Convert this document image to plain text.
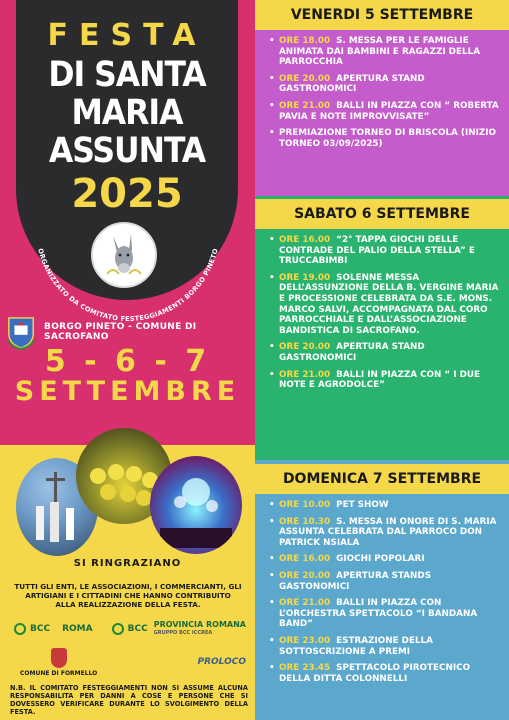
FESTA
DI SANTA
MARIA
ASSUNTA
2025
ORGANIZZATO DA COMITATO FESTEGGIAMENTI BORGO PINETO
BORGO PINETO - COMUNE DI SACROFANO
5 - 6 - 7
SETTEMBRE
SI RINGRAZIANO
TUTTI GLI ENTI, LE ASSOCIAZIONI, I COMMERCIANTI, GLI ARTIGIANI E I CITTADINI CHE HANNO CONTRIBUITO ALLA REALIZZAZIONE DELLA FESTA.
BCC ROMA	BCC PROVINCIA ROMANA
GRUPPO BCC ICCREA
COMUNE DI FORMELLO
PROLOCO
N.B. IL COMITATO FESTEGGIAMENTI NON SI ASSUME ALCUNA RESPONSABILITA PER DANNI A COSE E PERSONE CHE SI DOVESSERO VERIFICARE DURANTE LO SVOLGIMENTO DELLA FESTA.
VENERDI 5 SETTEMBRE
• ORE 18.00 S. MESSA PER LE FAMIGLIE ANIMATA DAI BAMBINI E RAGAZZI DELLA PARROCCHIA
• ORE 20.00 APERTURA STAND GASTRONOMICI
• ORE 21.00 BALLI IN PIAZZA CON “ ROBERTA PAVIA E NOTE IMPROVVISATE”
• PREMIAZIONE TORNEO DI BRISCOLA (INIZIO TORNEO 03/09/2025)
SABATO 6 SETTEMBRE
• ORE 16.00 “2° TAPPA GIOCHI DELLE CONTRADE DEL PALIO DELLA STELLA” E TRUCCABIMBI
• ORE 19.00 SOLENNE MESSA DELL’ASSUNZIONE DELLA B. VERGINE MARIA E PROCESSIONE CELEBRATA DA S.E. MONS. MARCO SALVI, ACCOMPAGNATA DAL CORO PARROCCHIALE E DALL’ASSOCIAZIONE BANDISTICA DI SACROFANO.
• ORE 20.00 APERTURA STAND GASTRONOMICI
• ORE 21.00 BALLI IN PIAZZA CON “ I DUE NOTE E AGRODOLCE”
DOMENICA 7 SETTEMBRE
• ORE 10.00 PET SHOW
• ORE 10.30 S. MESSA IN ONORE DI S. MARIA ASSUNTA CELEBRATA DAL PARROCO DON PATRICK NSIALA
• ORE 16.00 GIOCHI POPOLARI
• ORE 20.00 APERTURA STANDS GASTONOMICI
• ORE 21.00 BALLI IN PIAZZA CON L’ORCHESTRA SPETTACOLO “I BANDANA BAND”
• ORE 23.00 ESTRAZIONE DELLA SOTTOSCRIZIONE A PREMI
• ORE 23.45 SPETTACOLO PIROTECNICO DELLA DITTA COLONNELLI
